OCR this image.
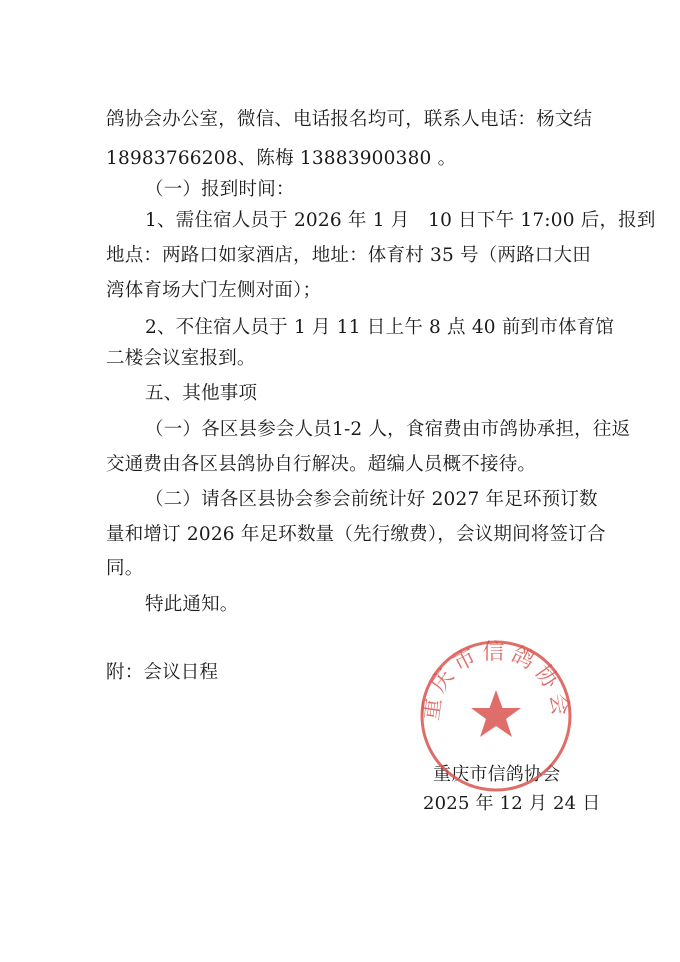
鸽协会办公室，微信、电话报名均可，联系人电话：杨文结
18983766208、陈梅 13883900380 。
（一）报到时间：
1、需住宿人员于 2026 年 1 月　10 日下午 17:00 后，报到
地点：两路口如家酒店，地址：体育村 35 号（两路口大田
湾体育场大门左侧对面）；
2、不住宿人员于 1 月 11 日上午 8 点 40 前到市体育馆
二楼会议室报到。
五、其他事项
（一）各区县参会人员1-2 人，食宿费由市鸽协承担，往返
交通费由各区县鸽协自行解决。超编人员概不接待。
（二）请各区县协会参会前统计好 2027 年足环预订数
量和增订 2026 年足环数量（先行缴费），会议期间将签订合
同。
特此通知。
附：会议日程
重庆市信鸽协会
2025 年 12 月 24 日
重庆市信鸽协会
